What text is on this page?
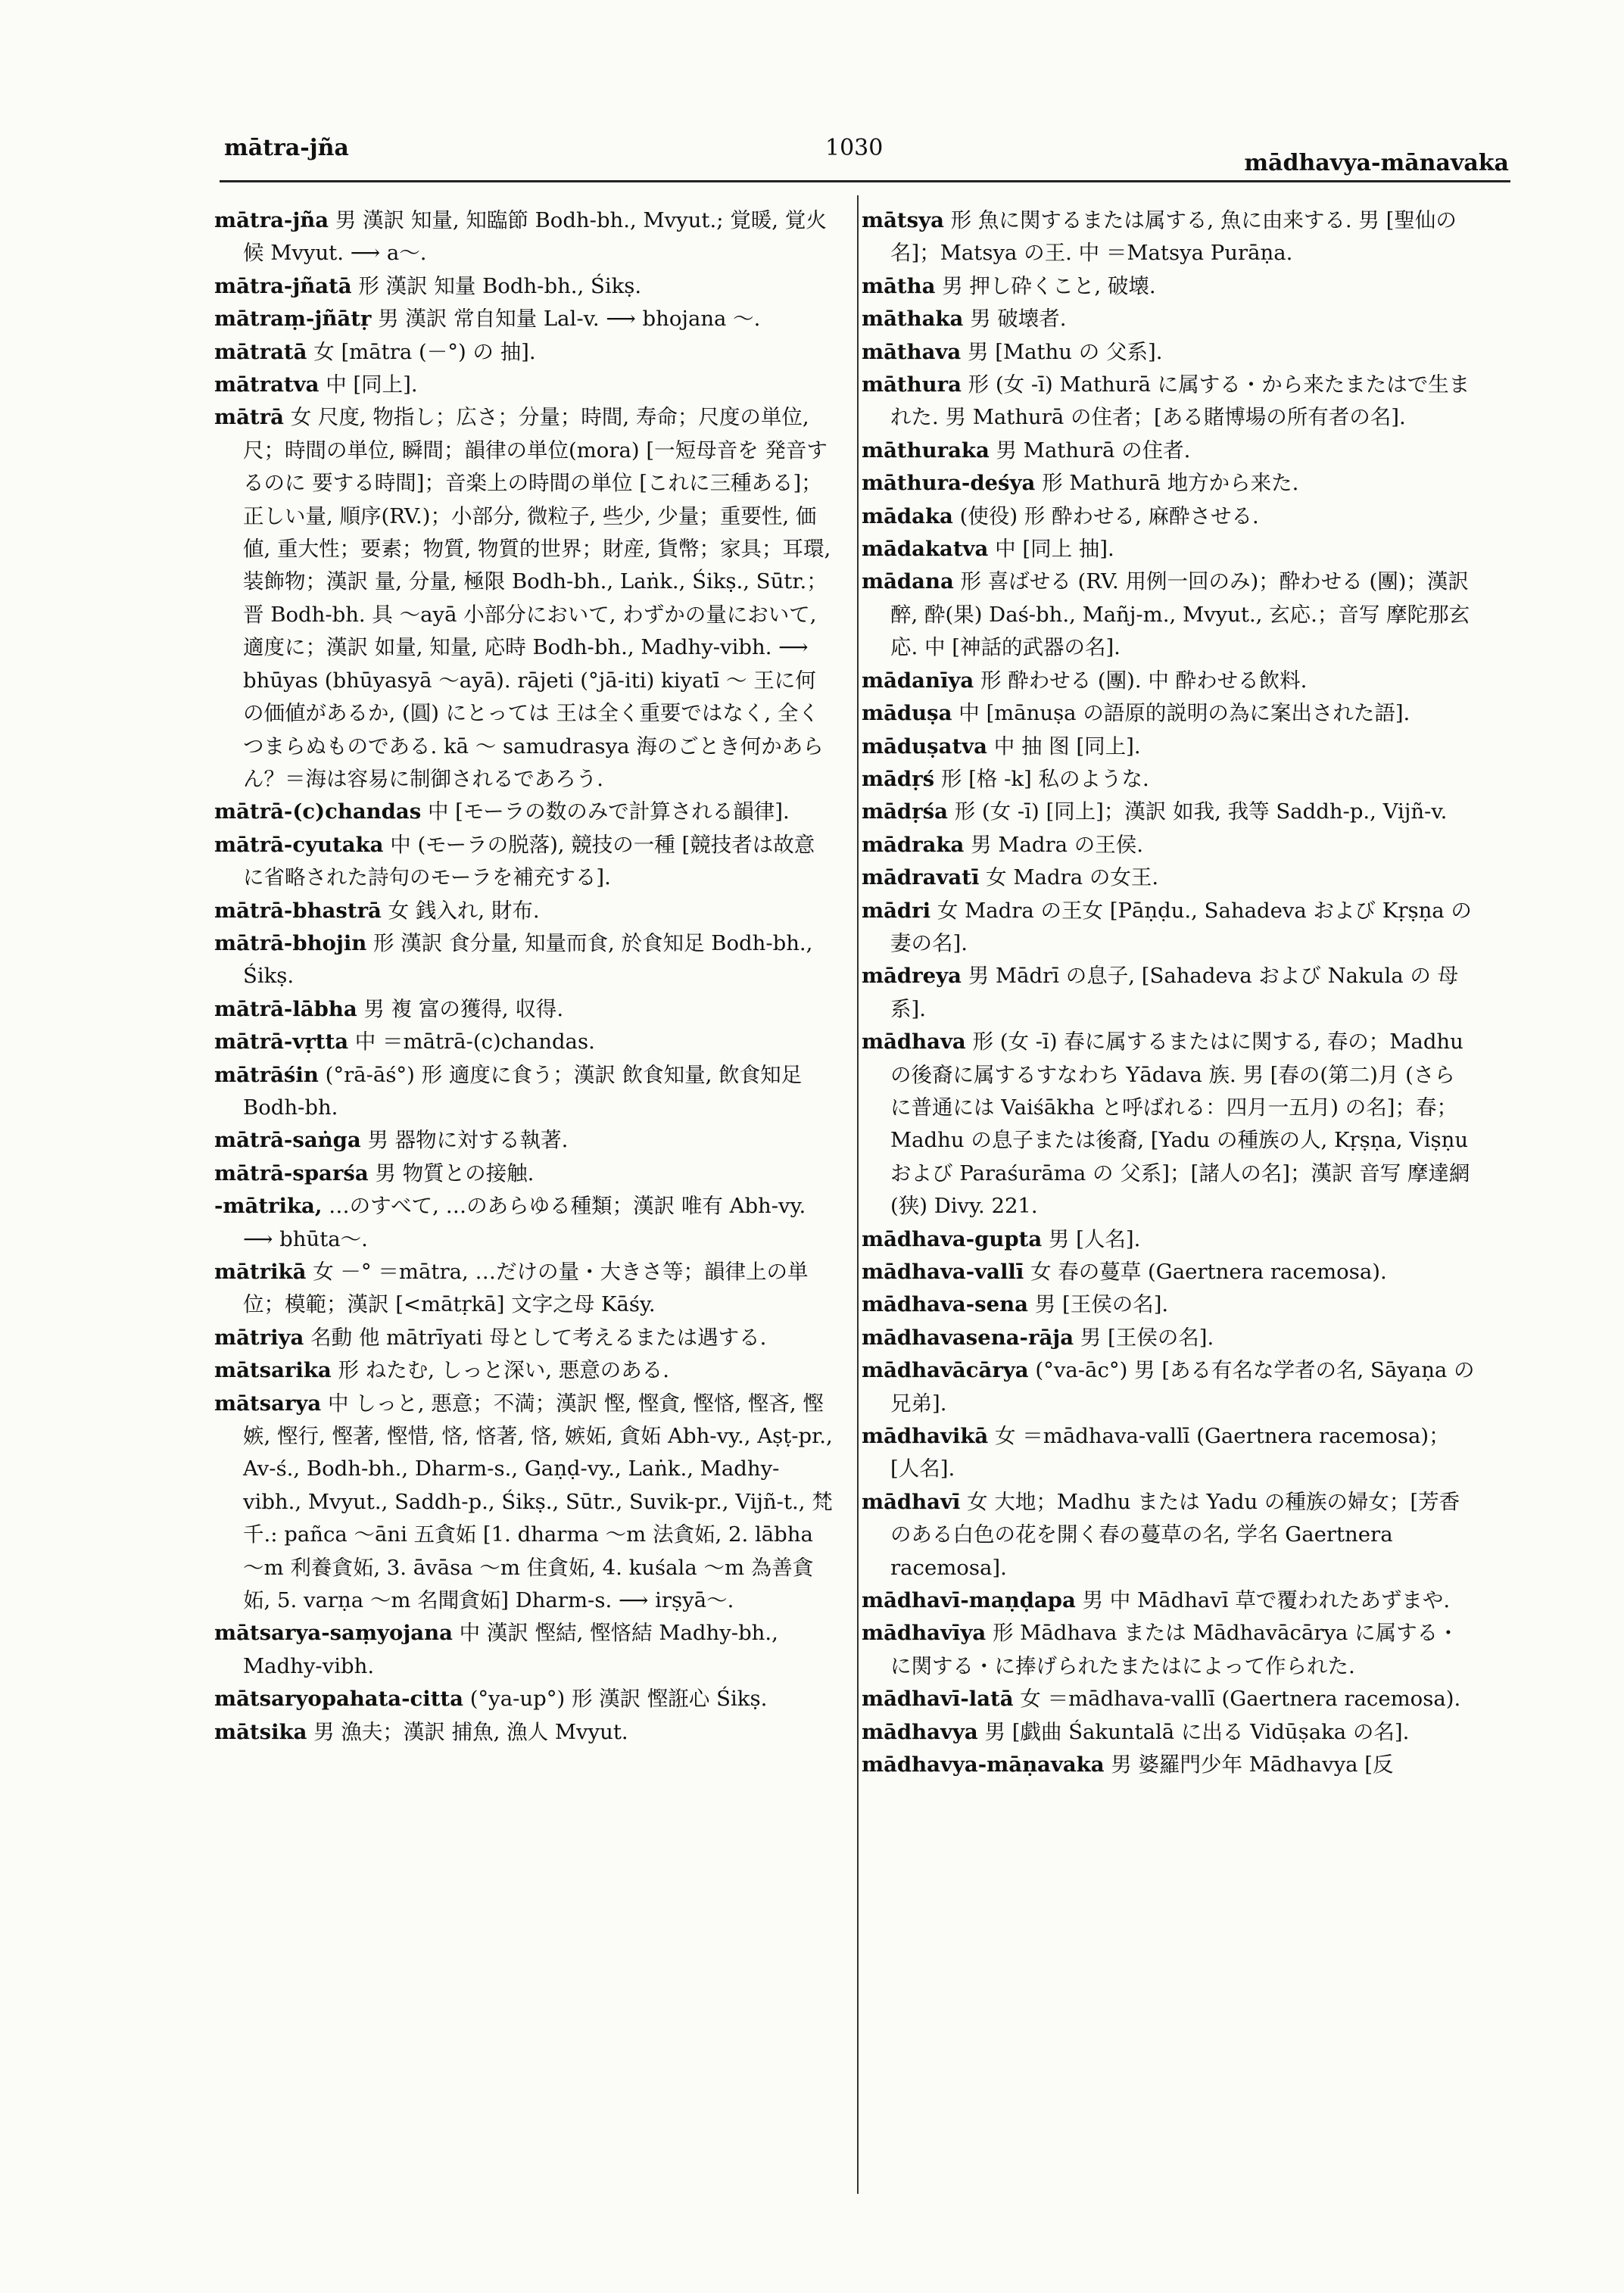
mātra-jña	1030
mādhavya-mānavaka

mātra-jña 男 漢訳 知量, 知臨節 Bodh-bh., Mvyut.; 覚暖, 覚火候 Mvyut. ⟶ a～.

mātra-jñatā 形 漢訳 知量 Bodh-bh., Śikṣ.

mātraṃ-jñātṛ 男 漢訳 常自知量 Lal-v. ⟶ bhojana ～.

mātratā 女 [mātra (－°) の 抽].

mātratva 中 [同上].

mātrā 女 尺度, 物指し；広さ；分量；時間, 寿命；尺度の単位, 尺；時間の単位, 瞬間；韻律の単位(mora) [一短母音を 発音するのに 要する時間]；音楽上の時間の単位 [これに三種ある]；正しい量, 順序(RV.)；小部分, 微粒子, 些少, 少量；重要性, 価値, 重大性；要素；物質, 物質的世界；財産, 貨幣；家具；耳環, 装飾物；漢訳 量, 分量, 極限 Bodh-bh., Laṅk., Śikṣ., Sūtr.；晋 Bodh-bh. 具 ～ayā 小部分において, わずかの量において, 適度に；漢訳 如量, 知量, 応時 Bodh-bh., Madhy-vibh. ⟶ bhūyas (bhūyasyā ～ayā). rājeti (°jā-iti) kiyatī ～ 王に何の価値があるか, (圓) にとっては 王は全く重要ではなく, 全くつまらぬものである. kā ～ samudrasya 海のごとき何かあらん？＝海は容易に制御されるであろう.

mātrā-(c)chandas 中 [モーラの数のみで計算される韻律].

mātrā-cyutaka 中 (モーラの脱落), 競技の一種 [競技者は故意に省略された詩句のモーラを補充する].

mātrā-bhastrā 女 銭入れ, 財布.

mātrā-bhojin 形 漢訳 食分量, 知量而食, 於食知足 Bodh-bh., Śikṣ.

mātrā-lābha 男 複 富の獲得, 収得.

mātrā-vṛtta 中 ＝mātrā-(c)chandas.

mātrāśin (°rā-āś°) 形 適度に食う；漢訳 飲食知量, 飲食知足 Bodh-bh.

mātrā-saṅga 男 器物に対する執著.

mātrā-sparśa 男 物質との接触.

-mātrika, …のすべて, …のあらゆる種類；漢訳 唯有 Abh-vy. ⟶ bhūta～.

mātrikā 女 －° ＝mātra, …だけの量・大きさ等；韻律上の単位；模範；漢訳 [<mātṛkā] 文字之母 Kāśy.

mātriya 名動 他 mātrīyati 母として考えるまたは遇する.

mātsarika 形 ねたむ, しっと深い, 悪意のある.

mātsarya 中 しっと, 悪意；不満；漢訳 慳, 慳貪, 慳悋, 慳吝, 慳嫉, 慳行, 慳著, 慳惜, 悋, 悋著, 悋, 嫉妬, 貪妬 Abh-vy., Aṣṭ-pr., Av-ś., Bodh-bh., Dharm-s., Gaṇḍ-vy., Laṅk., Madhy-vibh., Mvyut., Saddh-p., Śikṣ., Sūtr., Suvik-pr., Vijñ-t., 梵千.: pañca ～āni 五貪妬 [1. dharma ～m 法貪妬, 2. lābha ～m 利養貪妬, 3. āvāsa ～m 住貪妬, 4. kuśala ～m 為善貪妬, 5. varṇa ～m 名聞貪妬] Dharm-s. ⟶ irṣyā～.

mātsarya-saṃyojana 中 漢訳 慳結, 慳悋結 Madhy-bh., Madhy-vibh.

mātsaryopahata-citta (°ya-up°) 形 漢訳 慳誑心 Śikṣ.

mātsika 男 漁夫；漢訳 捕魚, 漁人 Mvyut.

mātsya 形 魚に関するまたは属する, 魚に由来する. 男 [聖仙の名]；Matsya の王. 中 ＝Matsya Purāṇa.

mātha 男 押し砕くこと, 破壊.

māthaka 男 破壊者.

māthava 男 [Mathu の 父系].

māthura 形 (女 -ī) Mathurā に属する・から来たまたはで生まれた. 男 Mathurā の住者；[ある賭博場の所有者の名].

māthuraka 男 Mathurā の住者.

māthura-deśya 形 Mathurā 地方から来た.

mādaka (使役) 形 酔わせる, 麻酔させる.

mādakatva 中 [同上 抽].

mādana 形 喜ばせる (RV. 用例一回のみ)；酔わせる (團)；漢訳 醉, 酔(果) Daś-bh., Mañj-m., Mvyut., 玄応.；音写 摩陀那玄応. 中 [神話的武器の名].

mādanīya 形 酔わせる (團). 中 酔わせる飲料.

māduṣa 中 [mānuṣa の語原的説明の為に案出された語].

māduṣatva 中 抽 图 [同上].

mādṛś 形 [格 -k] 私のような.

mādṛśa 形 (女 -ī) [同上]；漢訳 如我, 我等 Saddh-p., Vijñ-v.

mādraka 男 Madra の王侯.

mādravatī 女 Madra の女王.

mādri 女 Madra の王女 [Pāṇḍu., Sahadeva および Kṛṣṇa の妻の名].

mādreya 男 Mādrī の息子, [Sahadeva および Nakula の 母系].

mādhava 形 (女 -ī) 春に属するまたはに関する, 春の；Madhu の後裔に属するすなわち Yādava 族. 男 [春の(第二)月 (さらに普通には Vaiśākha と呼ばれる：四月一五月) の名]；春；Madhu の息子または後裔, [Yadu の種族の人, Kṛṣṇa, Viṣṇu および Paraśurāma の 父系]；[諸人の名]；漢訳 音写 摩達網(狭) Divy. 221.

mādhava-gupta 男 [人名].

mādhava-vallī 女 春の蔓草 (Gaertnera racemosa).

mādhava-sena 男 [王侯の名].

mādhavasena-rāja 男 [王侯の名].

mādhavācārya (°va-āc°) 男 [ある有名な学者の名, Sāyaṇa の兄弟].

mādhavikā 女 ＝mādhava-vallī (Gaertnera racemosa)；[人名].

mādhavī 女 大地；Madhu または Yadu の種族の婦女；[芳香のある白色の花を開く春の蔓草の名, 学名 Gaertnera racemosa].

mādhavī-maṇḍapa 男 中 Mādhavī 草で覆われたあずまや.

mādhavīya 形 Mādhava または Mādhavācārya に属する・に関する・に捧げられたまたはによって作られた.

mādhavī-latā 女 ＝mādhava-vallī (Gaertnera racemosa).

mādhavya 男 [戯曲 Śakuntalā に出る Vidūṣaka の名].

mādhavya-māṇavaka 男 婆羅門少年 Mādhavya [反
